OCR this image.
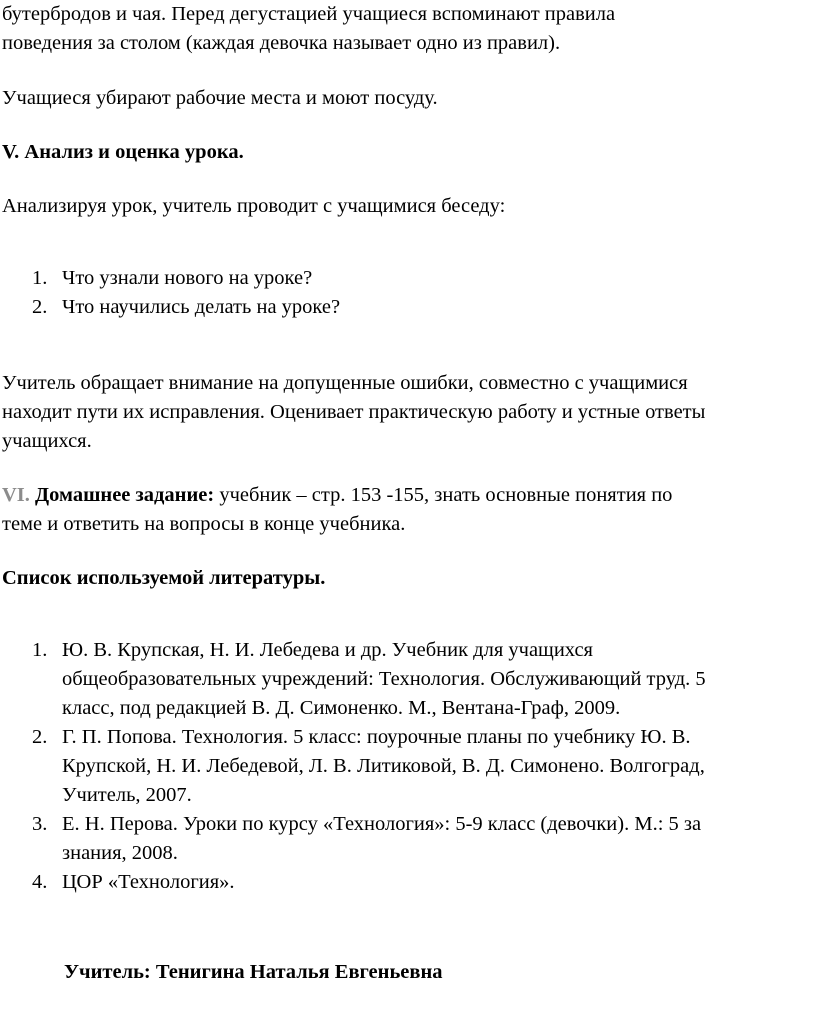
бутербродов и чая. Перед дегустацией учащиеся вспоминают правила
поведения за столом (каждая девочка называет одно из правил).
Учащиеся убирают рабочие места и моют посуду.
V. Анализ и оценка урока.
Анализируя урок, учитель проводит с учащимися беседу:
1. Что узнали нового на уроке?
2. Что научились делать на уроке?
Учитель обращает внимание на допущенные ошибки, совместно с учащимися
находит пути их исправления. Оценивает практическую работу и устные ответы
учащихся.
VI. Домашнее задание: учебник – стр. 153 -155, знать основные понятия по
теме и ответить на вопросы в конце учебника.
Список используемой литературы.
1. Ю. В. Крупская, Н. И. Лебедева и др. Учебник для учащихся
общеобразовательных учреждений: Технология. Обслуживающий труд. 5
класс, под редакцией В. Д. Симоненко. М., Вентана-Граф, 2009.
2. Г. П. Попова. Технология. 5 класс: поурочные планы по учебнику Ю. В.
Крупской, Н. И. Лебедевой, Л. В. Литиковой, В. Д. Симонено. Волгоград,
Учитель, 2007.
3. Е. Н. Перова. Уроки по курсу «Технология»: 5-9 класс (девочки). М.: 5 за
знания, 2008.
4. ЦОР «Технология».
Учитель: Тенигина Наталья Евгеньевна
